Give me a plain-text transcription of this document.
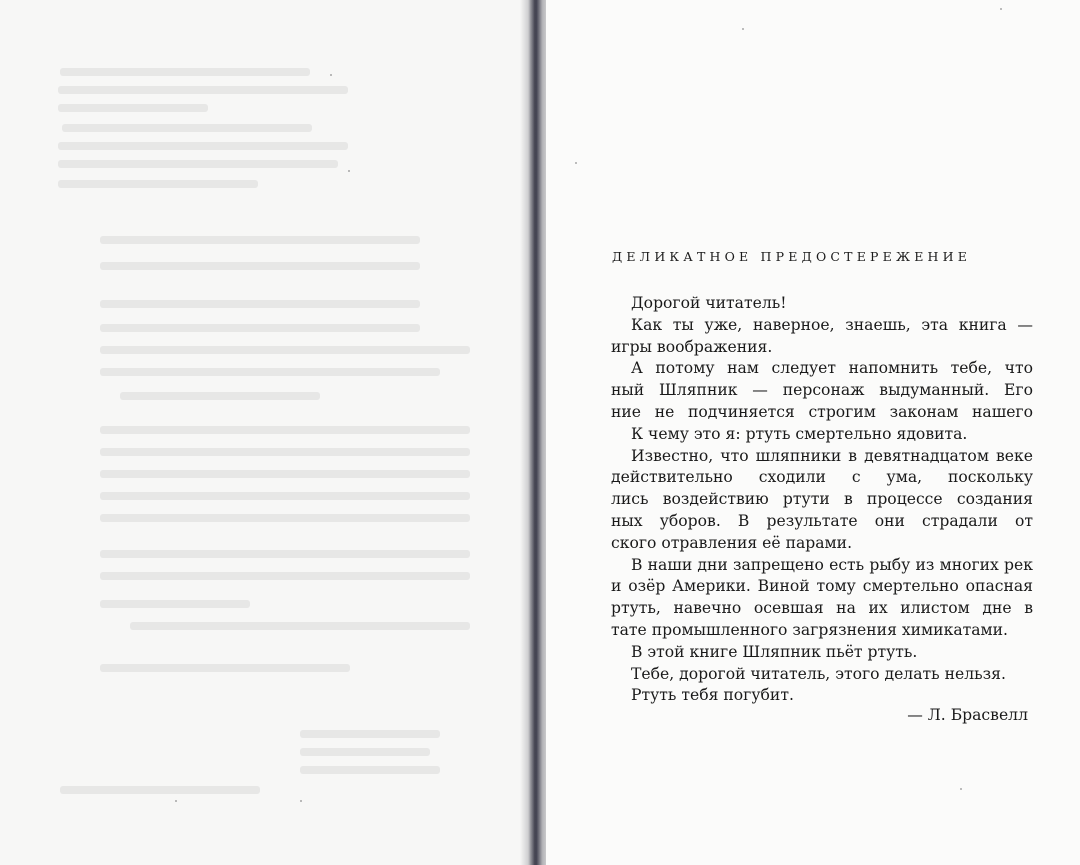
ДЕЛИКАТНОЕ ПРЕДОСТЕРЕЖЕНИЕ
Дорогой читатель!
Как ты уже, наверное, знаешь, эта книга —
игры воображения.
А потому нам следует напомнить тебе, что
ный Шляпник — персонаж выдуманный. Его
ние не подчиняется строгим законам нашего
К чему это я: ртуть смертельно ядовита.
Известно, что шляпники в девятнадцатом веке
действительно сходили с ума, поскольку
лись воздействию ртути в процессе создания
ных уборов. В результате они страдали от
ского отравления её парами.
В наши дни запрещено есть рыбу из многих рек
и озёр Америки. Виной тому смертельно опасная
ртуть, навечно осевшая на их илистом дне в
тате промышленного загрязнения химикатами.
В этой книге Шляпник пьёт ртуть.
Тебе, дорогой читатель, этого делать нельзя.
Ртуть тебя погубит.
— Л. Брасвелл
